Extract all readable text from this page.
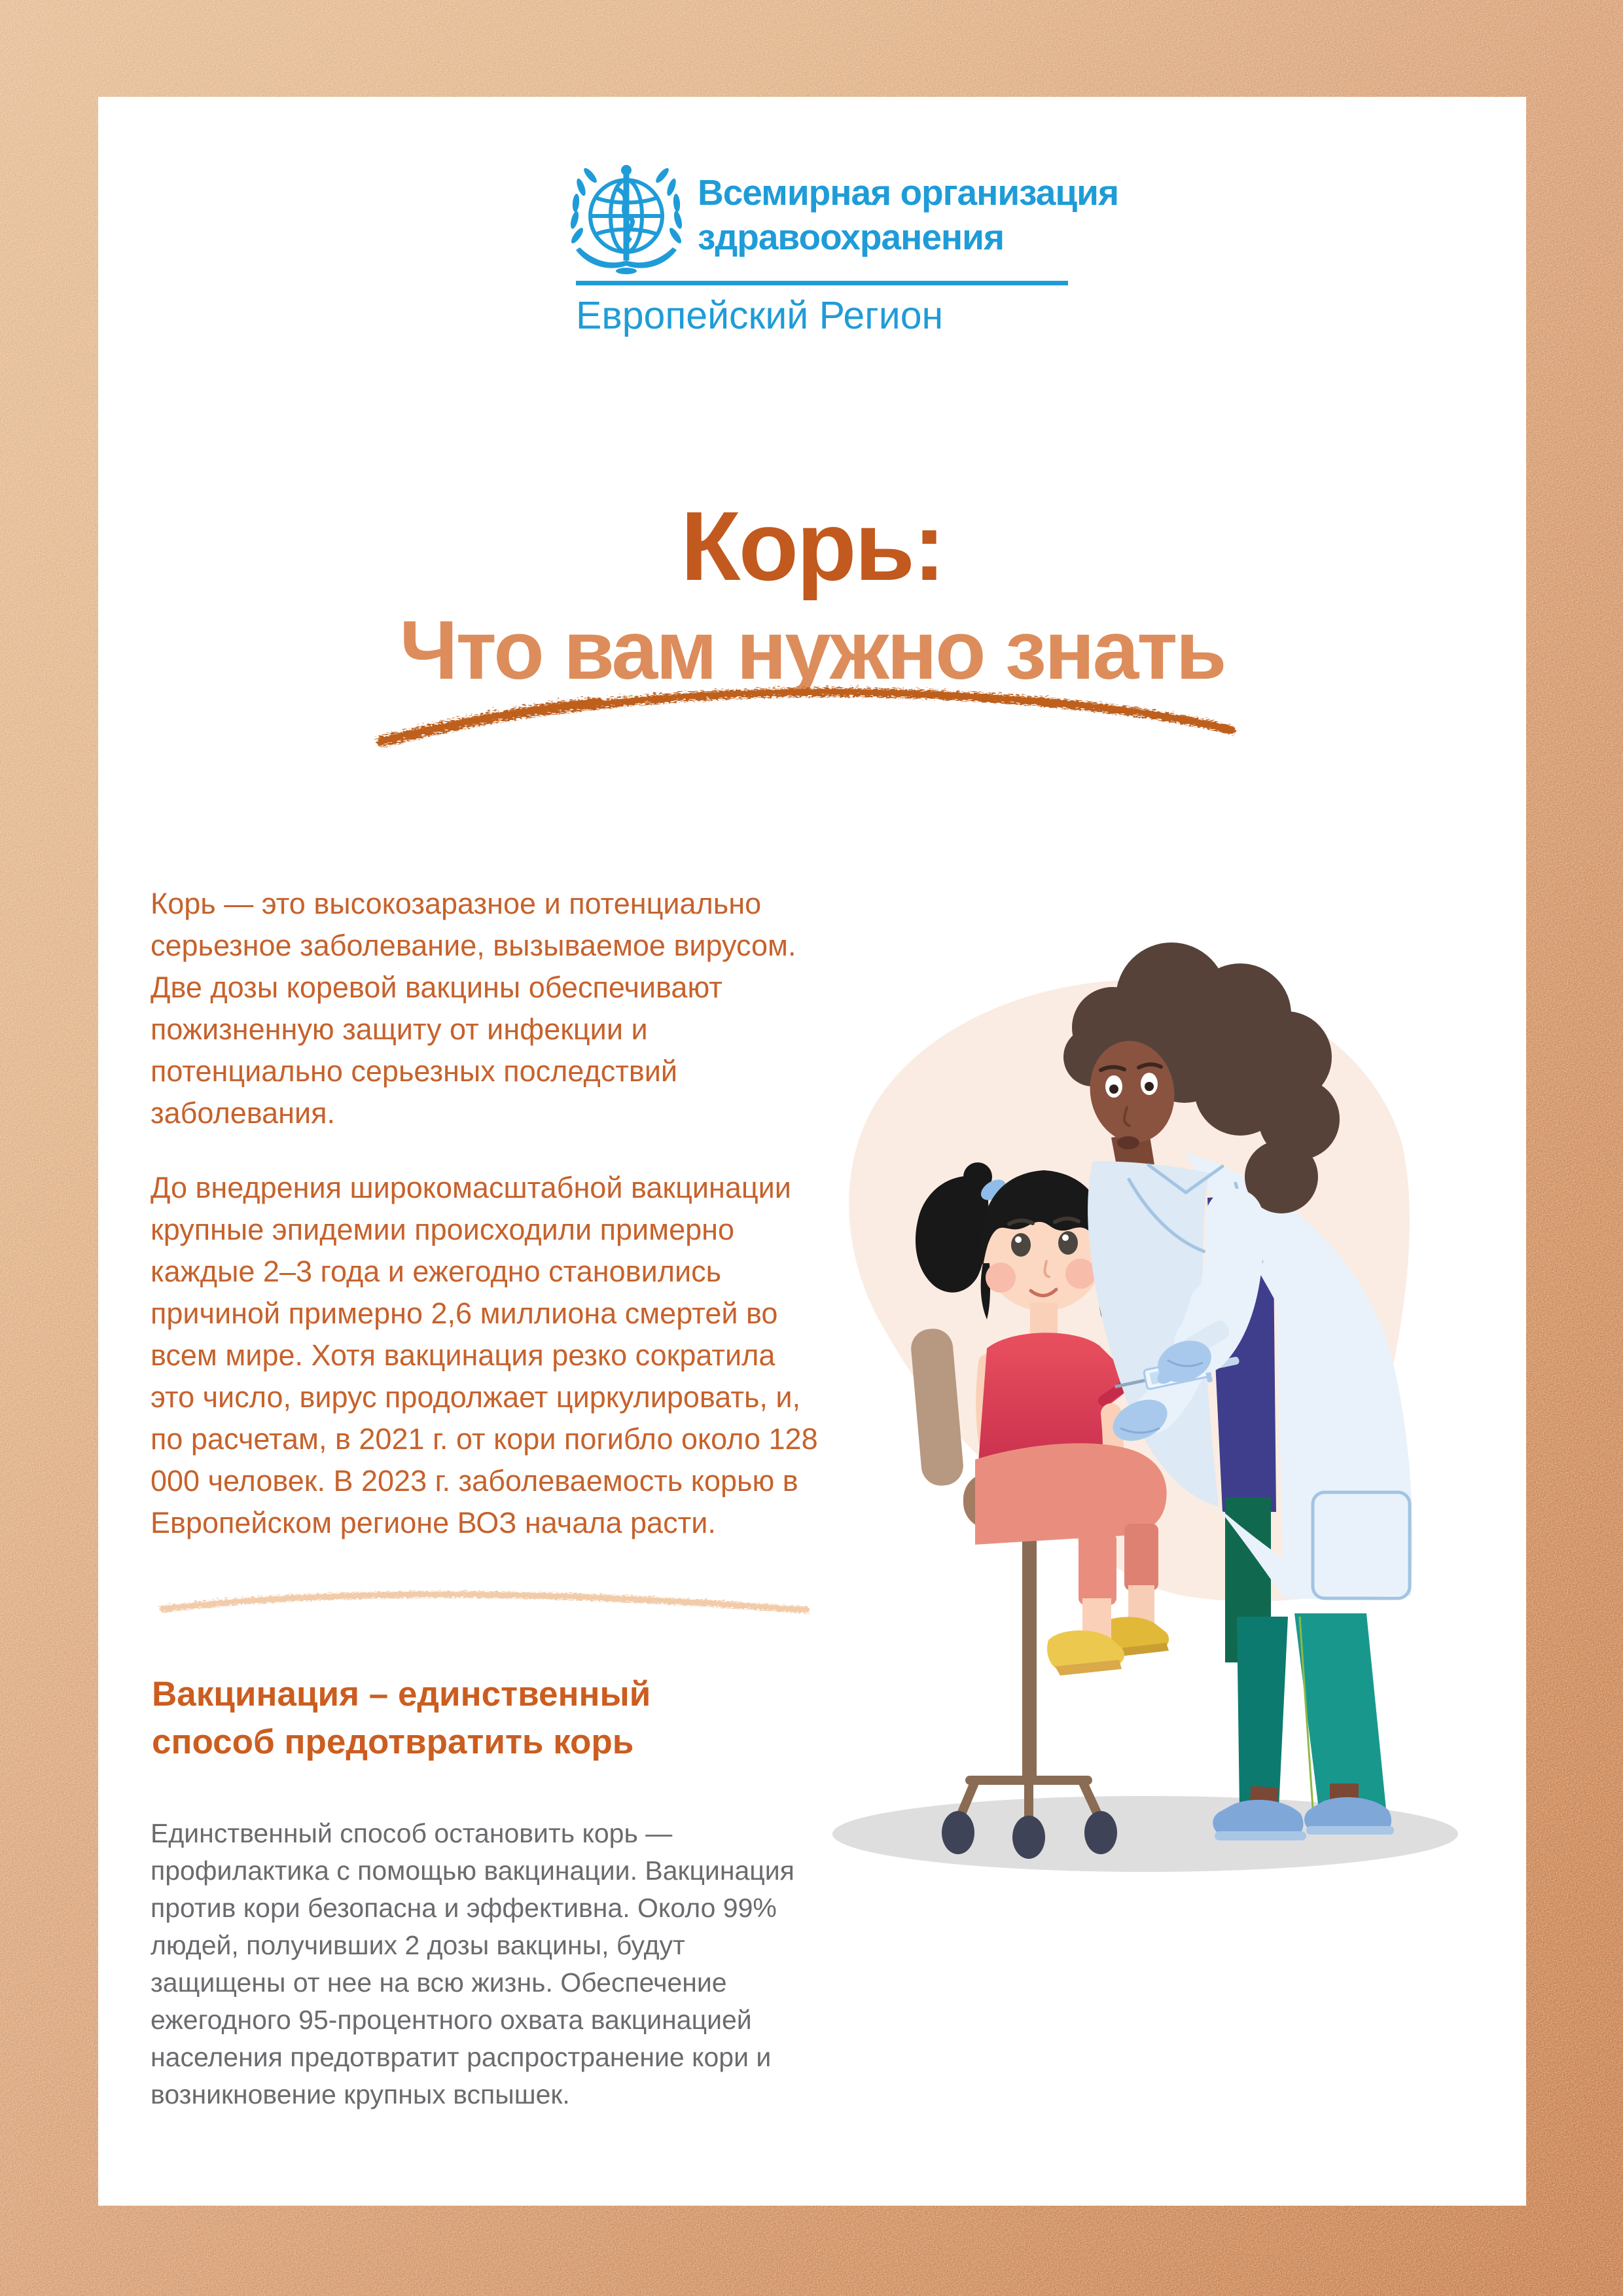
Всемирная организация
здравоохранения
Европейский Регион
Корь:
Что вам нужно знать

Корь — это высокозаразное и потенциально серьезное заболевание, вызываемое вирусом. Две дозы коревой вакцины обеспечивают пожизненную защиту от инфекции и потенциально серьезных последствий заболевания.

До внедрения широкомасштабной вакцинации крупные эпидемии происходили примерно каждые 2–3 года и ежегодно становились причиной примерно 2,6 миллиона смертей во всем мире. Хотя вакцинация резко сократила это число, вирус продолжает циркулировать, и, по расчетам, в 2021 г. от кори погибло около 128 000 человек. В 2023 г. заболеваемость корью в Европейском регионе ВОЗ начала расти.

Вакцинация – единственный способ предотвратить корь

Единственный способ остановить корь — профилактика с помощью вакцинации. Вакцинация против кори безопасна и эффективна. Около 99% людей, получивших 2 дозы вакцины, будут защищены от нее на всю жизнь. Обеспечение ежегодного 95-процентного охвата вакцинацией населения предотвратит распространение кори и возникновение крупных вспышек.
